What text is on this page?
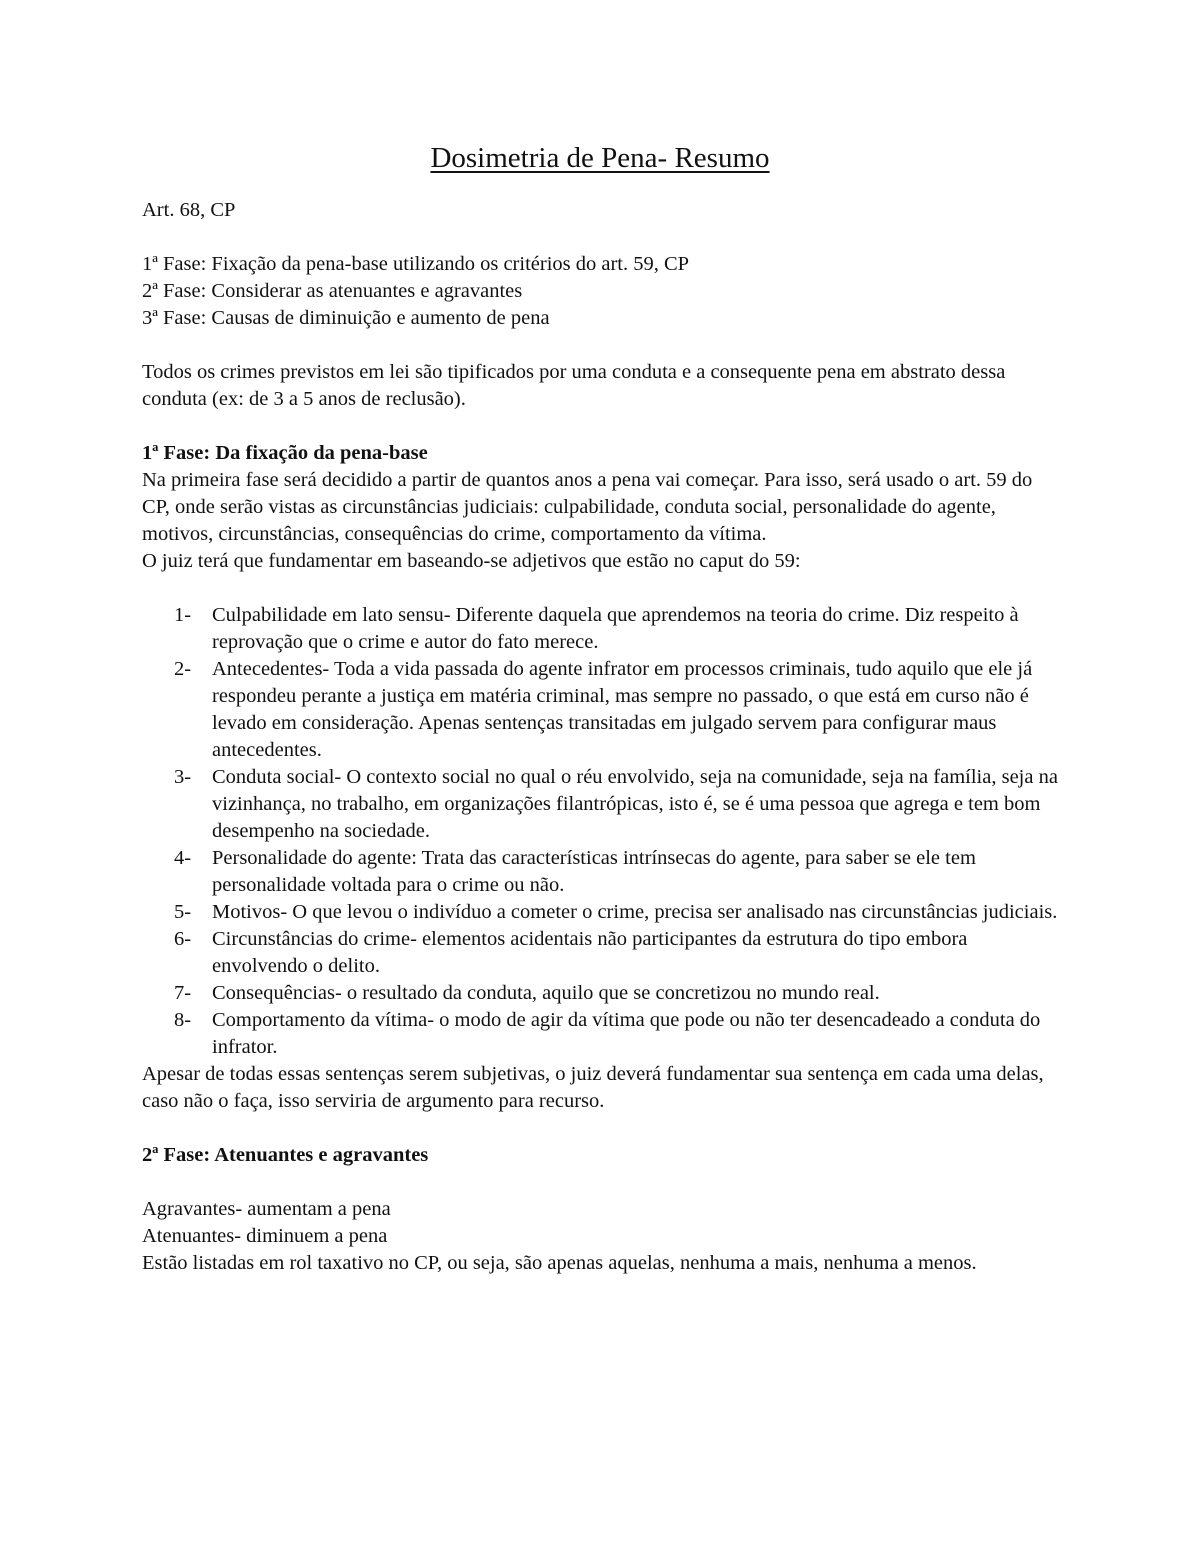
Dosimetria de Pena- Resumo

Art. 68, CP

1ª Fase: Fixação da pena-base utilizando os critérios do art. 59, CP

2ª Fase: Considerar as atenuantes e agravantes

3ª Fase: Causas de diminuição e aumento de pena

Todos os crimes previstos em lei são tipificados por uma conduta e a consequente pena em abstrato dessa conduta (ex: de 3 a 5 anos de reclusão).

1ª Fase: Da fixação da pena-base

Na primeira fase será decidido a partir de quantos anos a pena vai começar. Para isso, será usado o art. 59 do CP, onde serão vistas as circunstâncias judiciais: culpabilidade, conduta social, personalidade do agente, motivos, circunstâncias, consequências do crime, comportamento da vítima.

O juiz terá que fundamentar em baseando-se adjetivos que estão no caput do 59:

1- Culpabilidade em lato sensu- Diferente daquela que aprendemos na teoria do crime. Diz respeito à reprovação que o crime e autor do fato merece.
2- Antecedentes- Toda a vida passada do agente infrator em processos criminais, tudo aquilo que ele já respondeu perante a justiça em matéria criminal, mas sempre no passado, o que está em curso não é levado em consideração. Apenas sentenças transitadas em julgado servem para configurar maus antecedentes.
3- Conduta social- O contexto social no qual o réu envolvido, seja na comunidade, seja na família, seja na vizinhança, no trabalho, em organizações filantrópicas, isto é, se é uma pessoa que agrega e tem bom desempenho na sociedade.
4- Personalidade do agente: Trata das características intrínsecas do agente, para saber se ele tem personalidade voltada para o crime ou não.
5- Motivos- O que levou o indivíduo a cometer o crime, precisa ser analisado nas circunstâncias judiciais.
6- Circunstâncias do crime- elementos acidentais não participantes da estrutura do tipo embora envolvendo o delito.
7- Consequências- o resultado da conduta, aquilo que se concretizou no mundo real.
8- Comportamento da vítima- o modo de agir da vítima que pode ou não ter desencadeado a conduta do infrator.

Apesar de todas essas sentenças serem subjetivas, o juiz deverá fundamentar sua sentença em cada uma delas, caso não o faça, isso serviria de argumento para recurso.

2ª Fase: Atenuantes e agravantes

Agravantes- aumentam a pena

Atenuantes- diminuem a pena

Estão listadas em rol taxativo no CP, ou seja, são apenas aquelas, nenhuma a mais, nenhuma a menos.
